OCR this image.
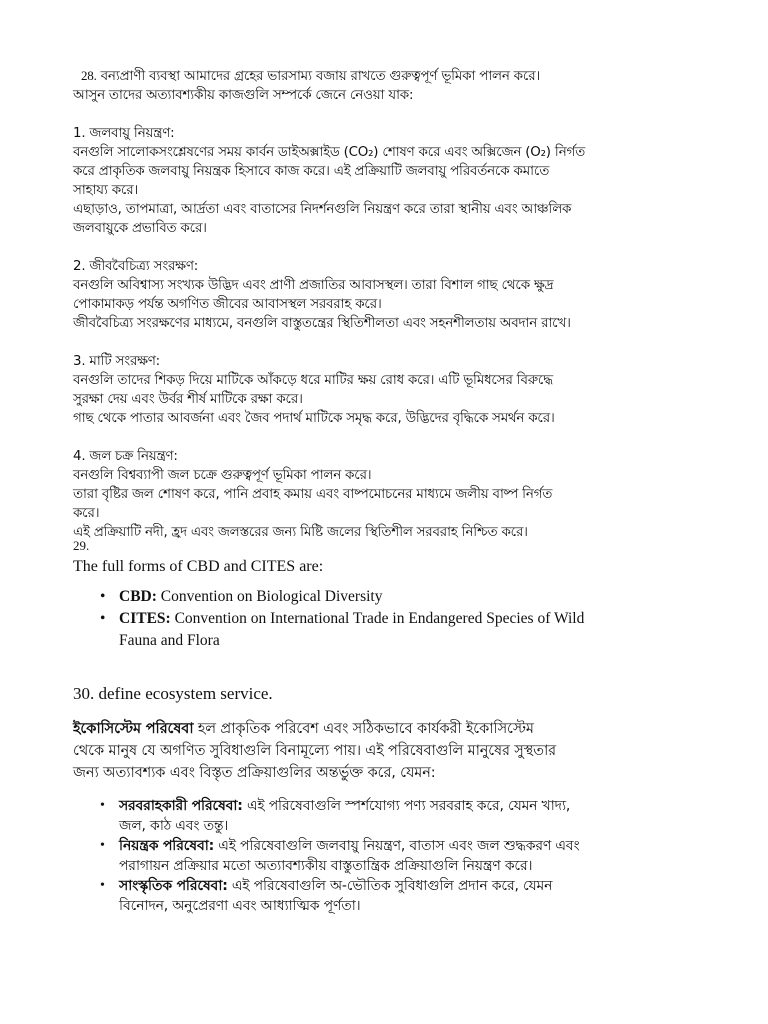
28. বন্যপ্রাণী ব্যবস্থা আমাদের গ্রহের ভারসাম্য বজায় রাখতে গুরুত্বপূর্ণ ভূমিকা পালন করে।
আসুন তাদের অত্যাবশ্যকীয় কাজগুলি সম্পর্কে জেনে নেওয়া যাক:
1. জলবায়ু নিয়ন্ত্রণ:
বনগুলি সালোকসংশ্লেষণের সময় কার্বন ডাইঅক্সাইড (CO₂) শোষণ করে এবং অক্সিজেন (O₂) নির্গত
করে প্রাকৃতিক জলবায়ু নিয়ন্ত্রক হিসাবে কাজ করে। এই প্রক্রিয়াটি জলবায়ু পরিবর্তনকে কমাতে
সাহায্য করে।
এছাড়াও, তাপমাত্রা, আর্দ্রতা এবং বাতাসের নিদর্শনগুলি নিয়ন্ত্রণ করে তারা স্থানীয় এবং আঞ্চলিক
জলবায়ুকে প্রভাবিত করে।
2. জীববৈচিত্র্য সংরক্ষণ:
বনগুলি অবিশ্বাস্য সংখ্যক উদ্ভিদ এবং প্রাণী প্রজাতির আবাসস্থল। তারা বিশাল গাছ থেকে ক্ষুদ্র
পোকামাকড় পর্যন্ত অগণিত জীবের আবাসস্থল সরবরাহ করে।
জীববৈচিত্র্য সংরক্ষণের মাধ্যমে, বনগুলি বাস্তুতন্ত্রের স্থিতিশীলতা এবং সহনশীলতায় অবদান রাখে।
3. মাটি সংরক্ষণ:
বনগুলি তাদের শিকড় দিয়ে মাটিকে আঁকড়ে ধরে মাটির ক্ষয় রোধ করে। এটি ভূমিধসের বিরুদ্ধে
সুরক্ষা দেয় এবং উর্বর শীর্ষ মাটিকে রক্ষা করে।
গাছ থেকে পাতার আবর্জনা এবং জৈব পদার্থ মাটিকে সমৃদ্ধ করে, উদ্ভিদের বৃদ্ধিকে সমর্থন করে।
4. জল চক্র নিয়ন্ত্রণ:
বনগুলি বিশ্বব্যাপী জল চক্রে গুরুত্বপূর্ণ ভূমিকা পালন করে।
তারা বৃষ্টির জল শোষণ করে, পানি প্রবাহ কমায় এবং বাষ্পমোচনের মাধ্যমে জলীয় বাষ্প নির্গত
করে।
এই প্রক্রিয়াটি নদী, হ্রদ এবং জলস্তরের জন্য মিষ্টি জলের স্থিতিশীল সরবরাহ নিশ্চিত করে।
29.
The full forms of CBD and CITES are:
• CBD: Convention on Biological Diversity
• CITES: Convention on International Trade in Endangered Species of Wild
Fauna and Flora
30. define ecosystem service.
ইকোসিস্টেম পরিষেবা হল প্রাকৃতিক পরিবেশ এবং সঠিকভাবে কার্যকরী ইকোসিস্টেম
থেকে মানুষ যে অগণিত সুবিধাগুলি বিনামূল্যে পায়। এই পরিষেবাগুলি মানুষের সুস্থতার
জন্য অত্যাবশ্যক এবং বিস্তৃত প্রক্রিয়াগুলির অন্তর্ভুক্ত করে, যেমন:
• সরবরাহকারী পরিষেবা: এই পরিষেবাগুলি স্পর্শযোগ্য পণ্য সরবরাহ করে, যেমন খাদ্য,
জল, কাঠ এবং তন্তু।
• নিয়ন্ত্রক পরিষেবা: এই পরিষেবাগুলি জলবায়ু নিয়ন্ত্রণ, বাতাস এবং জল শুদ্ধকরণ এবং
পরাগায়ন প্রক্রিয়ার মতো অত্যাবশ্যকীয় বাস্তুতান্ত্রিক প্রক্রিয়াগুলি নিয়ন্ত্রণ করে।
• সাংস্কৃতিক পরিষেবা: এই পরিষেবাগুলি অ-ভৌতিক সুবিধাগুলি প্রদান করে, যেমন
বিনোদন, অনুপ্রেরণা এবং আধ্যাত্মিক পূর্ণতা।
